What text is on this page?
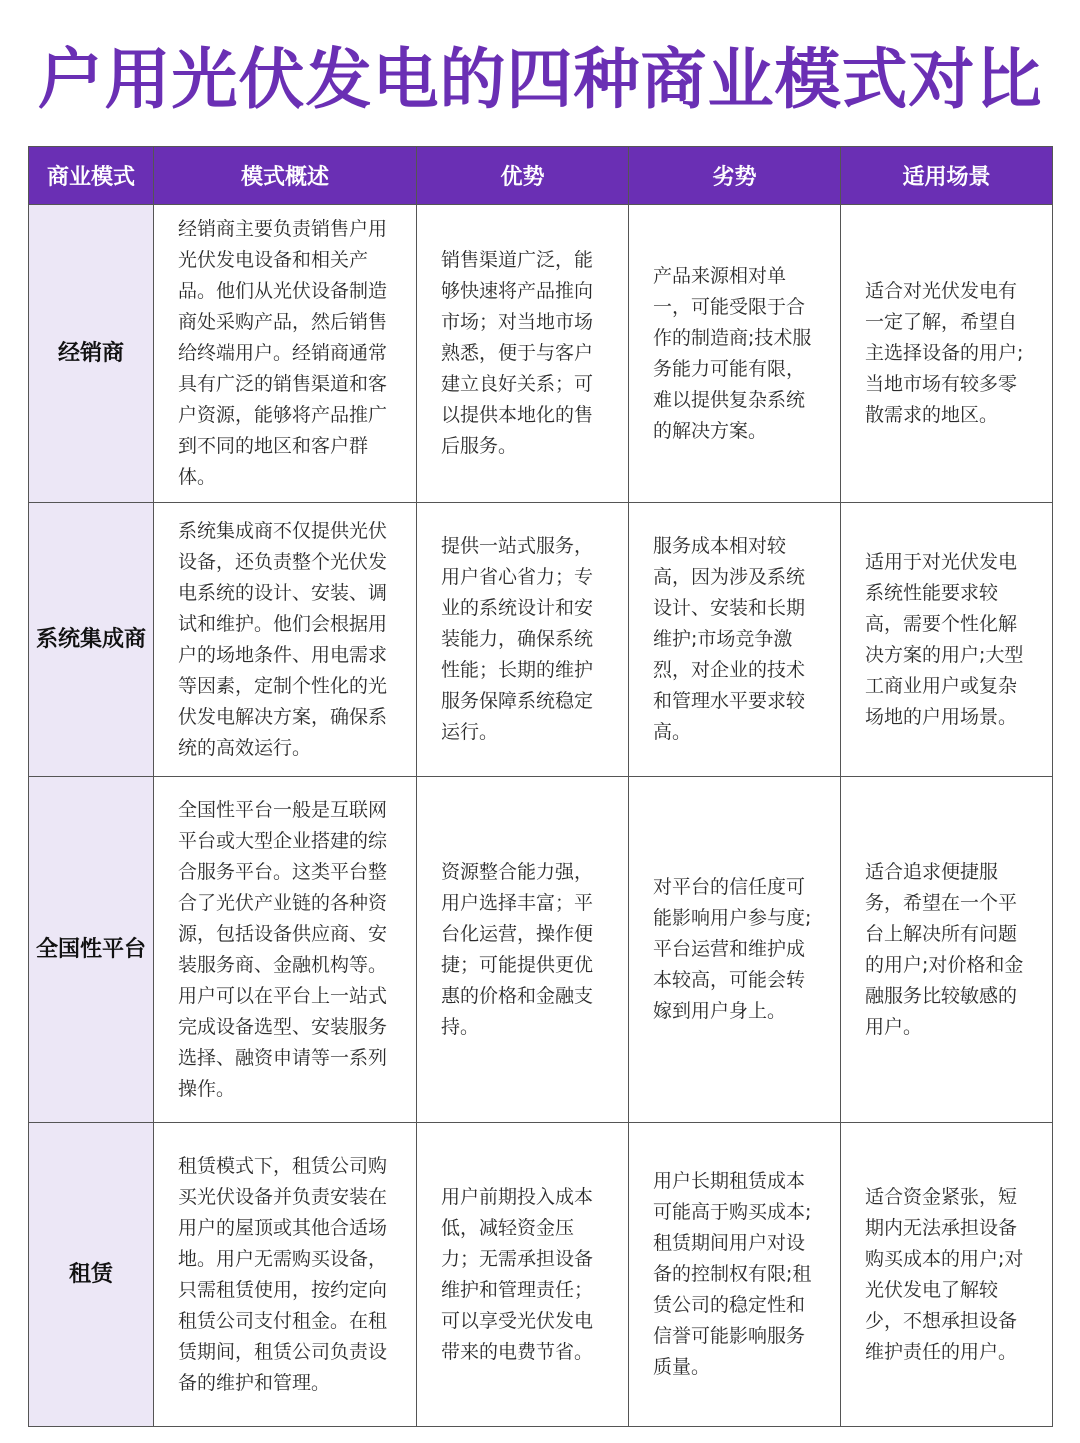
户用光伏发电的四种商业模式对比
商业模式	模式概述	优势	劣势	适用场景
经销商	经销商主要负责销售户用光伏发电设备和相关产品。他们从光伏设备制造商处采购产品，然后销售给终端用户。经销商通常具有广泛的销售渠道和客户资源，能够将产品推广到不同的地区和客户群体。	销售渠道广泛，能够快速将产品推向市场；对当地市场熟悉，便于与客户建立良好关系；可以提供本地化的售后服务。	产品来源相对单一，可能受限于合作的制造商;技术服务能力可能有限，难以提供复杂系统的解决方案。	适合对光伏发电有一定了解，希望自主选择设备的用户;当地市场有较多零散需求的地区。
系统集成商	系统集成商不仅提供光伏设备，还负责整个光伏发电系统的设计、安装、调试和维护。他们会根据用户的场地条件、用电需求等因素，定制个性化的光伏发电解决方案，确保系统的高效运行。	提供一站式服务，用户省心省力；专业的系统设计和安装能力，确保系统性能；长期的维护服务保障系统稳定运行。	服务成本相对较高，因为涉及系统设计、安装和长期维护;市场竞争激烈，对企业的技术和管理水平要求较高。	适用于对光伏发电系统性能要求较高，需要个性化解决方案的用户;大型工商业用户或复杂场地的户用场景。
全国性平台	全国性平台一般是互联网平台或大型企业搭建的综合服务平台。这类平台整合了光伏产业链的各种资源，包括设备供应商、安装服务商、金融机构等。用户可以在平台上一站式完成设备选型、安装服务选择、融资申请等一系列操作。	资源整合能力强，用户选择丰富；平台化运营，操作便捷；可能提供更优惠的价格和金融支持。	对平台的信任度可能影响用户参与度;平台运营和维护成本较高，可能会转嫁到用户身上。	适合追求便捷服务，希望在一个平台上解决所有问题的用户;对价格和金融服务比较敏感的用户。
租赁	租赁模式下，租赁公司购买光伏设备并负责安装在用户的屋顶或其他合适场地。用户无需购买设备，只需租赁使用，按约定向租赁公司支付租金。在租赁期间，租赁公司负责设备的维护和管理。	用户前期投入成本低，减轻资金压力；无需承担设备维护和管理责任；可以享受光伏发电带来的电费节省。	用户长期租赁成本可能高于购买成本;租赁期间用户对设备的控制权有限;租赁公司的稳定性和信誉可能影响服务质量。	适合资金紧张，短期内无法承担设备购买成本的用户;对光伏发电了解较少，不想承担设备维护责任的用户。
